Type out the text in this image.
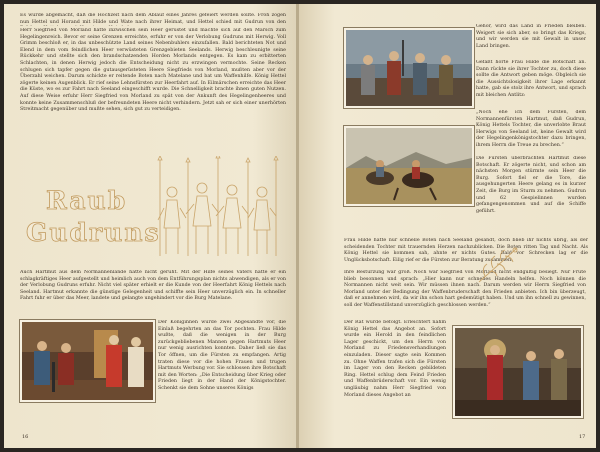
Es wurde abgemacht, daß die Hochzeit nach dem Ablauf eines Jahres gefeiert werden sollte. Froh zogen nun Hettel und Horand mit Hilde und Wate nach ihrer Heimat, und Hettel schied mit Gudrun von den

Herr Siegfried von Morland hatte inzwischen sein Heer gerüstet und machte sich auf den Marsch zum Hegelingenreich. Bevor er seine Grenzen erreichte, erfuhr er von der Verlobung Gudruns mit Herwig. Voll Grimm beschloß er, in das unbeschützte Land seines Nebenbuhlers einzufallen. Bald berichteten Not und Elend in dem vom feindlichen Heer verwüsteten Grenzgebieten Seelands. Herwig beschleunigte seine Rückkehr und stellte sich den brandschatzenden Horden Morlands entgegen. Es kam zu erbitterten Schlachten, in denen Herwig jedoch die Entscheidung nicht zu erzwingen vermochte. Seine Recken schlugen sich tapfer gegen die gutausgerüsteten Heere Siegfrieds von Morland, mußten aber vor der Überzahl weichen. Darum schickte er reitende Boten nach Matelane und bat um Waffenhilfe. König Hettel zögerte keinen Augenblick. Er rief seine Lehnsfürsten zur Heerfahrt auf. In Eilmärschen erreichte das Heer die Küste, wo es zur Fahrt nach Seeland eingeschifft wurde. Die Schnelligkeit brachte ihnen guten Nutzen. Auf diese Weise erfuhr Herr Siegfried von Morland zu spät von der Ankunft des Hegelingenheeres und konnte keine Zusammenschluß der befreundeten Heere nicht verhindern. Jetzt sah er sich einer unerhörten Streitmacht gegenüber und mußte sehen, sich gut zu verteidigen.

Raub
Gudruns

Auch Hartmut aus dem Normannenlande hatte nicht geruht. Mit der Hilfe seines Vaters hatte er ein schlagkräftiges Heer aufgestellt und heimlich auch von dem Entführungsplan nichts abwendigen, als er von der Verlobung Gudruns erfuhr. Nicht viel später erhielt er die Kunde von der Heerfahrt König Hettels nach Seeland. Hartmut erkannte die günstige Gelegenheit und schiffte sein Heer unverzüglich ein. In schneller Fahrt fuhr er über das Meer, landete und gelangte ungehindert vor die Burg Matelane.

Der Königinnen wurde zwei Abgesandte vor, die Einlaß begehrten an das Tor pochten. Frau Hilde wußte, daß die wenigen in der Burg zurückgebliebenen Mannen gegen Hartmuts Heer nur wenig ausrichten konnten. Daher ließ sie das Tor öffnen, um die Fürsten zu empfangen. Artig traten diese vor die hohen Frauen und trugen Hartmuts Werbung vor. Sie schlossen ihre Botschaft mit den Worten: „Die Entscheidung über Krieg oder Frieden liegt in der Hand der Königstochter. Schenkt sie dem Sohne unseres Königs

16

Gehör, wird das Land in Frieden bleiben. Weigert sie sich aber, so bringt das Kriegs, und wir werden sie mit Gewalt in unser Land bringen.

Gefaßt hörte Frau Hilde die Botschaft an. Dann rückte sie ihrer Tochter zu, doch diese sollte die Antwort geben möge. Obgleich sie die Aussichtslosigkeit ihrer Lage erkannt hatte, gab sie stolz ihre Antwort, und sprach mit bleichen Antlitz:

„Noch ehe ich dem Fürsten, dem Normannenfürsten Hartmut, daß Gudrun, König Hettels Tochter, die unverlobte Braut Herwigs von Seeland ist, keine Gewalt wird der Hegelingenkönigstochter dazu bringen, ihrem Herrn die Treue zu brechen.“

Die Fürsten überbrachten Hartmut diese Botschaft. Er zögerte nicht, und schon am nächsten Morgen stürmte sein Heer die Burg. Sofort fiel er die Tore, die ausgehungerten Heere gelang es in kurzer Zeit, die Burg im Sturm zu nehmen. Gudrun und 62 Gespielinnen wurden gefangengenommen und auf die Schiffe geführt.

Frau Hilde hatte nur schnelle Boten nach Seeland gesandt, doch blieb ihr nichts übrig, als der scheidenden Tochter mit trauernden Herzen nachzublicken. Die Boten ritten Tag und Nacht. Als König Hettel sie kommen sah, ahnte er nichts Gutes. Bald vor Schrecken lag er die Unglücksbotschaft. Eilig rief er die Fürsten zur Beratung zusammen.

Ihre Bestürzung war groß. Noch war Siegfried von Morland nicht endgültig besiegt. Nur Frute blieb besonnen und sprach: „Hier kann nur schnelles Handeln helfen. Noch können die Normannen nicht weit sein. Wir müssen ihnen nach. Darum werden wir Herrn Siegfried von Morland unter der Bedingung der Waffenbruderschaft den Frieden anbieten. Ich bin überzeugt, daß er annehmen wird, da wir ihn schon hart gedemütigt haben. Und um ihn schnell zu gewinnen, soll der Waffenstillstand unverzüglich geschlossen werden.“

Der Rat wurde befolgt. Erleichtert nahm König Hettel das Angebot an. Sofort wurde ein Herold in den feindlichen Lager geschickt, um den Herrn von Morland zu Friedensverhandlungen einzuladen. Dieser sagte sein Kommen zu. Ohne Waffen trafen sich die Fürsten im Lager von den Recken gebildeten Ring. Hettel schlug dem Feind Frieden und Waffenbrüderschaft vor. Ein wenig ungläubig nahm Herr Siegfried von Morland dieses Angebot an

17
